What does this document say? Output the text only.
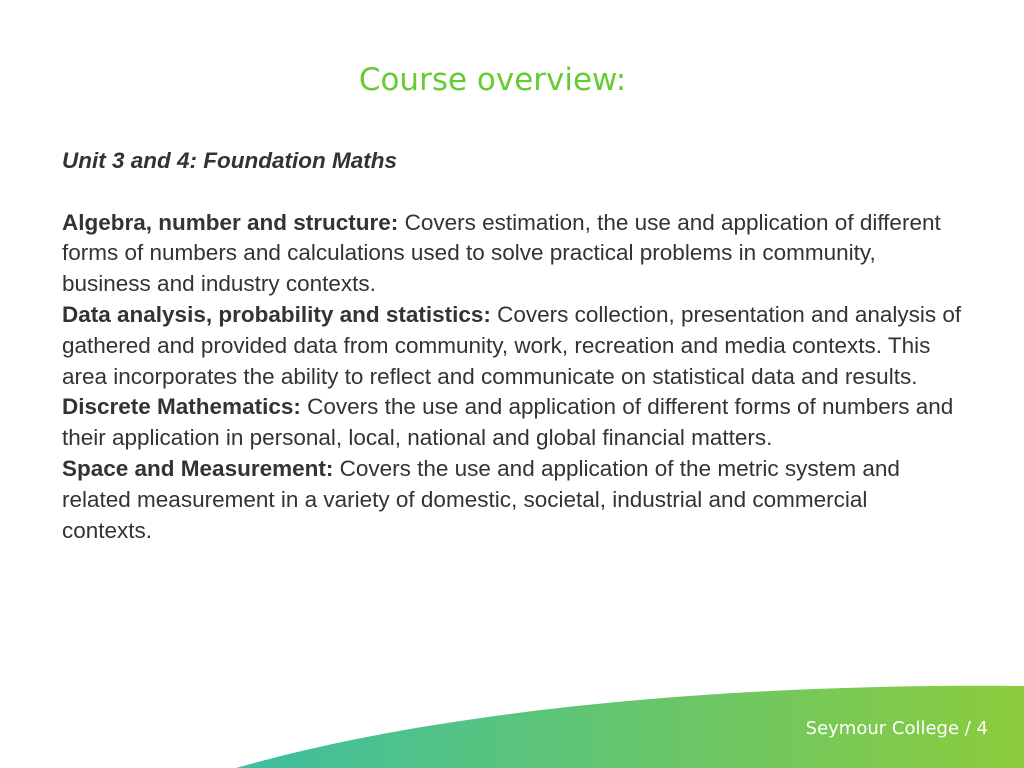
Course overview:

Unit 3 and 4: Foundation Maths

Algebra, number and structure: Covers estimation, the use and application of different forms of numbers and calculations used to solve practical problems in community, business and industry contexts.

Data analysis, probability and statistics: Covers collection, presentation and analysis of gathered and provided data from community, work, recreation and media contexts. This area incorporates the ability to reflect and communicate on statistical data and results.

Discrete Mathematics: Covers the use and application of different forms of numbers and their application in personal, local, national and global financial matters.

Space and Measurement: Covers the use and application of the metric system and related measurement in a variety of domestic, societal, industrial and commercial contexts.

Seymour College / 4
